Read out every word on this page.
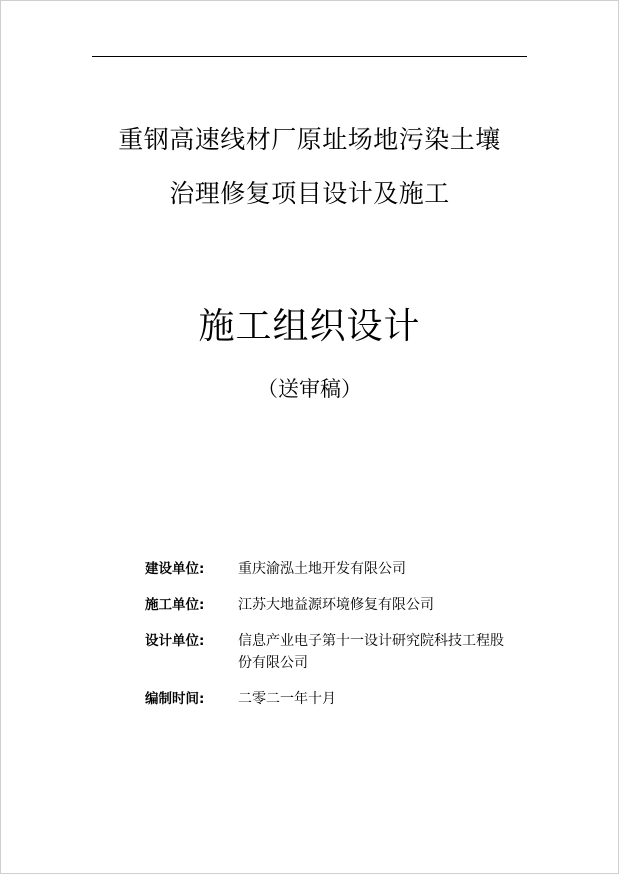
重钢高速线材厂原址场地污染土壤
治理修复项目设计及施工
施工组织设计
（送审稿）
建设单位:	重庆渝泓土地开发有限公司
施工单位:	江苏大地益源环境修复有限公司
设计单位:	信息产业电子第十一设计研究院科技工程股份有限公司
编制时间:	二零二一年十月
